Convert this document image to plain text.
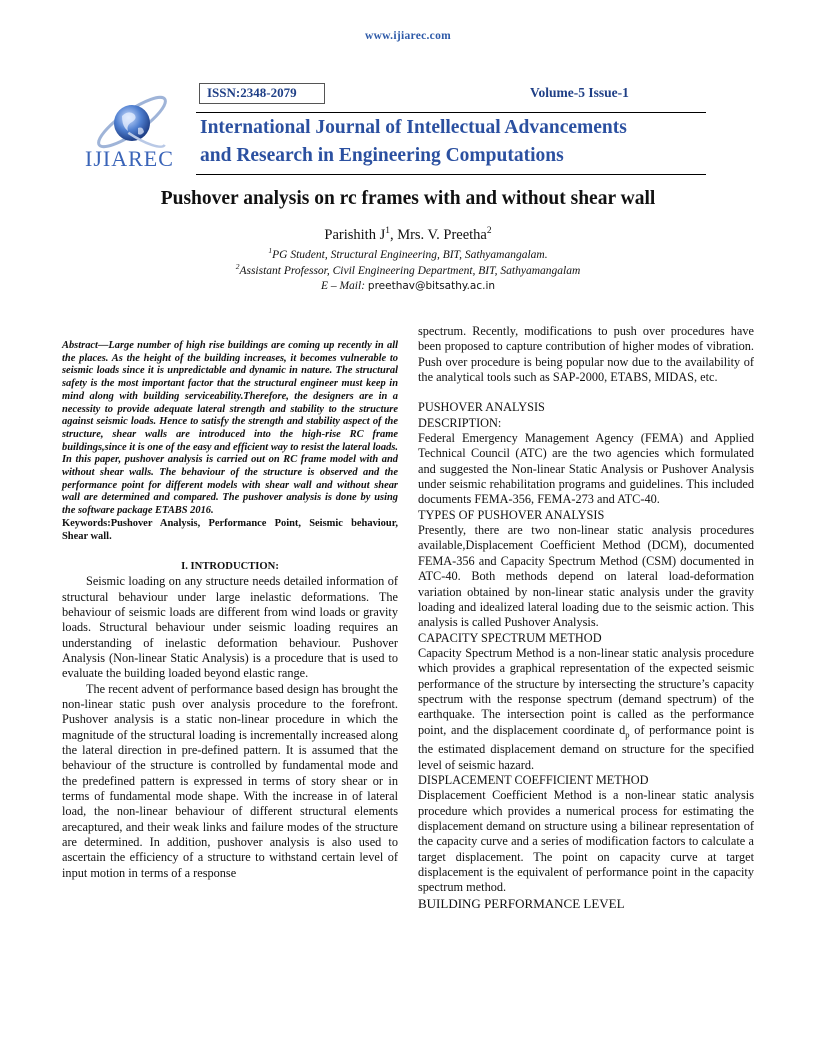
www.ijiarec.com
ISSN:2348-2079	Volume-5 Issue-1
IJIAREC
International Journal of Intellectual Advancements
and Research in Engineering Computations
Pushover analysis on rc frames with and without shear wall
Parishith $J^1$, Mrs. V. Preetha$^2$
$^1$PG Student, Structural Engineering, BIT, Sathyamangalam.
$^2$Assistant Professor, Civil Engineering Department, BIT, Sathyamangalam
E – Mail: preethav@bitsathy.ac.in

Abstract—Large number of high rise buildings are coming up recently in all the places. As the height of the building increases, it becomes vulnerable to seismic loads since it is unpredictable and dynamic in nature. The structural safety is the most important factor that the structural engineer must keep in mind along with building serviceability.Therefore, the designers are in a necessity to provide adequate lateral strength and stability to the structure against seismic loads. Hence to satisfy the strength and stability aspect of the structure, shear walls are introduced into the high-rise RC frame buildings,since it is one of the easy and efficient way to resist the lateral loads. In this paper, pushover analysis is carried out on RC frame model with and without shear walls. The behaviour of the structure is observed and the performance point for different models with shear wall and without shear wall are determined and compared. The pushover analysis is done by using the software package ETABS 2016.

Keywords:Pushover Analysis, Performance Point, Seismic behaviour, Shear wall.

I. INTRODUCTION:

Seismic loading on any structure needs detailed information of structural behaviour under large inelastic deformations. The behaviour of seismic loads are different from wind loads or gravity loads. Structural behaviour under seismic loading requires an understanding of inelastic deformation behaviour. Pushover Analysis (Non-linear Static Analysis) is a procedure that is used to evaluate the building loaded beyond elastic range.

The recent advent of performance based design has brought the non-linear static push over analysis procedure to the forefront. Pushover analysis is a static non-linear procedure in which the magnitude of the structural loading is incrementally increased along the lateral direction in pre-defined pattern. It is assumed that the behaviour of the structure is controlled by fundamental mode and the predefined pattern is expressed in terms of story shear or in terms of fundamental mode shape. With the increase in of lateral load, the non-linear behaviour of different structural elements arecaptured, and their weak links and failure modes of the structure are determined. In addition, pushover analysis is also used to ascertain the efficiency of a structure to withstand certain level of input motion in terms of a response

spectrum. Recently, modifications to push over procedures have been proposed to capture contribution of higher modes of vibration. Push over procedure is being popular now due to the availability of the analytical tools such as SAP-2000, ETABS, MIDAS, etc.

PUSHOVER ANALYSIS

DESCRIPTION:

Federal Emergency Management Agency (FEMA) and Applied Technical Council (ATC) are the two agencies which formulated and suggested the Non-linear Static Analysis or Pushover Analysis under seismic rehabilitation programs and guidelines. This included documents FEMA-356, FEMA-273 and ATC-40.

TYPES OF PUSHOVER ANALYSIS

Presently, there are two non-linear static analysis procedures available,Displacement Coefficient Method (DCM), documented FEMA-356 and Capacity Spectrum Method (CSM) documented in ATC-40. Both methods depend on lateral load-deformation variation obtained by non-linear static analysis under the gravity loading and idealized lateral loading due to the seismic action. This analysis is called Pushover Analysis.

CAPACITY SPECTRUM METHOD

Capacity Spectrum Method is a non-linear static analysis procedure which provides a graphical representation of the expected seismic performance of the structure by intersecting the structure’s capacity spectrum with the response spectrum (demand spectrum) of the earthquake. The intersection point is called as the performance point, and the displacement coordinate $d_p$ of performance point is the estimated displacement demand on structure for the specified level of seismic hazard.

DISPLACEMENT COEFFICIENT METHOD

Displacement Coefficient Method is a non-linear static analysis procedure which provides a numerical process for estimating the displacement demand on structure using a bilinear representation of the capacity curve and a series of modification factors to calculate a target displacement. The point on capacity curve at target displacement is the equivalent of performance point in the capacity spectrum method.

BUILDING PERFORMANCE LEVEL
